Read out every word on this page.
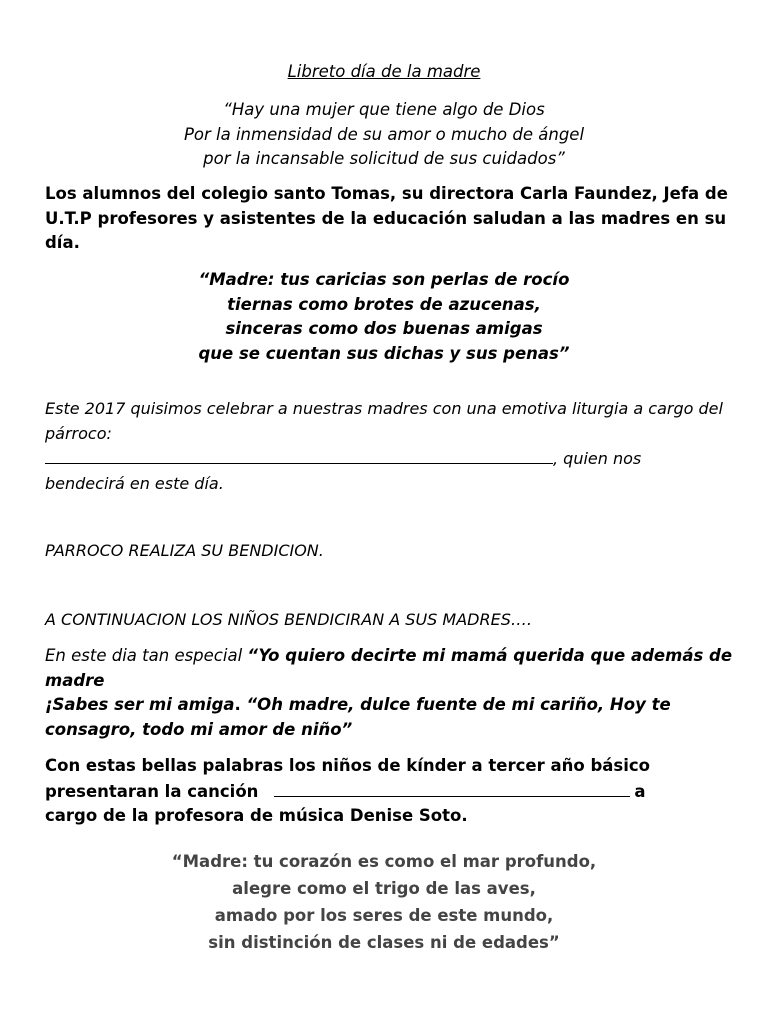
Libreto día de la madre
“Hay una mujer que tiene algo de Dios
Por la inmensidad de su amor o mucho de ángel
por la incansable solicitud de sus cuidados”
Los alumnos del colegio santo Tomas, su directora Carla Faundez, Jefa de U.T.P profesores y asistentes de la educación saludan a las madres en su día.
“Madre: tus caricias son perlas de rocío
tiernas como brotes de azucenas,
sinceras como dos buenas amigas
que se cuentan sus dichas y sus penas”
Este 2017 quisimos celebrar a nuestras madres con una emotiva liturgia a cargo del párroco:
, quien nos
bendecirá en este día.
PARROCO REALIZA SU BENDICION.
A CONTINUACION LOS NIÑOS BENDICIRAN A SUS MADRES….
En este dia tan especial “Yo quiero decirte mi mamá querida que además de madre
¡Sabes ser mi amiga. “Oh madre, dulce fuente de mi cariño, Hoy te consagro, todo mi amor de niño”
Con estas bellas palabras los niños de kínder a tercer año básico presentaran la canción	a
cargo de la profesora de música Denise Soto.
“Madre: tu corazón es como el mar profundo,
alegre como el trigo de las aves,
amado por los seres de este mundo,
sin distinción de clases ni de edades”
